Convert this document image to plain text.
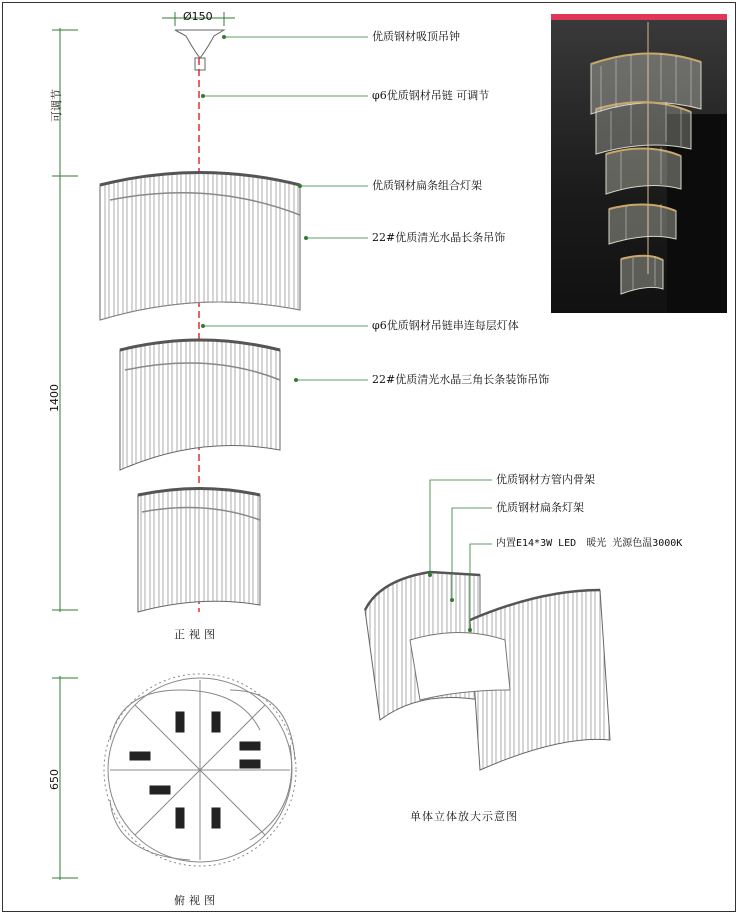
Ø150
可调节
1400
650
优质钢材吸顶吊钟
φ6优质钢材吊链 可调节
优质钢材扁条组合灯架
22#优质清光水晶长条吊饰
φ6优质钢材吊链串连每层灯体
22#优质清光水晶三角长条装饰吊饰
优质钢材方管内骨架
优质钢材扁条灯架
内置E14*3W LED　暖光 光源色温3000K
正视图
俯视图
单体立体放大示意图
